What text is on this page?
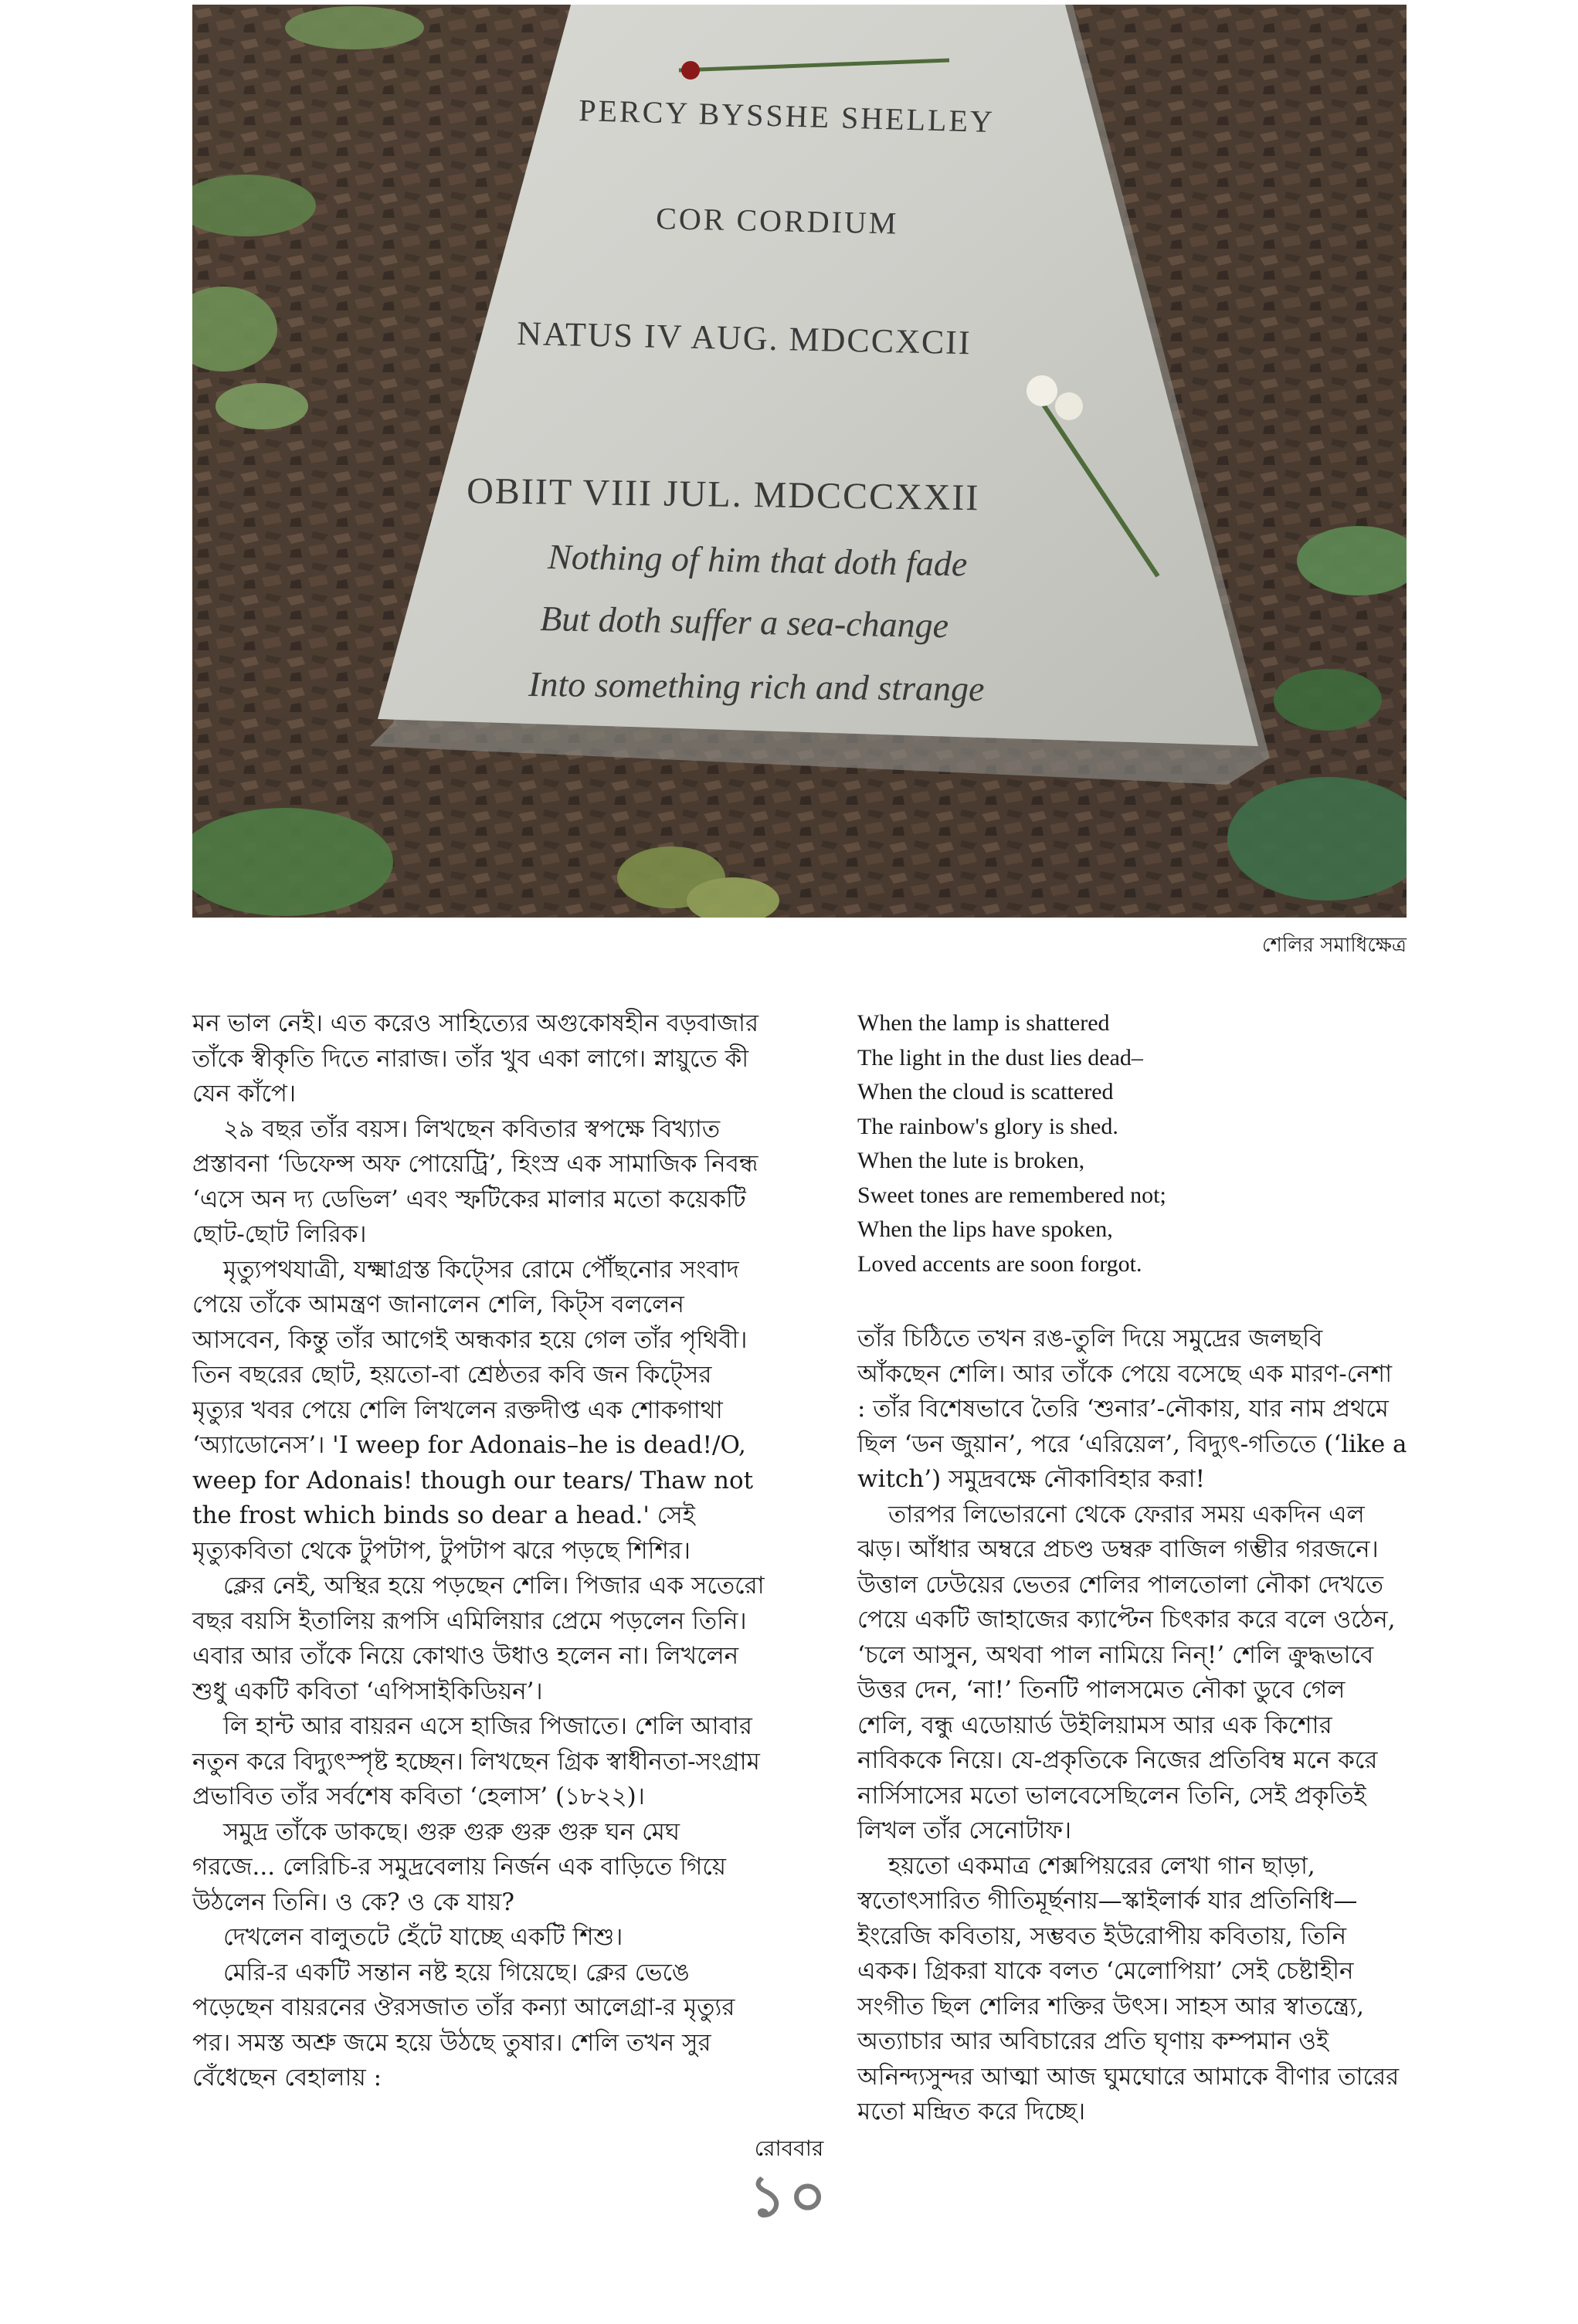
PERCY BYSSHE SHELLEY
COR CORDIUM
NATUS IV AUG. MDCCXCII
OBIIT VIII JUL. MDCCCXXII
Nothing of him that doth fade
But doth suffer a sea-change
Into something rich and strange
শেলির সমাধিক্ষেত্র

মন ভাল নেই। এত করেও সাহিত্যের অগুকোষহীন বড়বাজার তাঁকে স্বীকৃতি দিতে নারাজ। তাঁর খুব একা লাগে। স্নায়ুতে কী যেন কাঁপে।

২৯ বছর তাঁর বয়স। লিখছেন কবিতার স্বপক্ষে বিখ্যাত প্রস্তাবনা ‘ডিফেন্স অফ পোয়েট্রি’, হিংস্র এক সামাজিক নিবন্ধ ‘এসে অন দ্য ডেভিল’ এবং স্ফটিকের মালার মতো কয়েকটি ছোট-ছোট লিরিক।

মৃত্যুপথযাত্রী, যক্ষ্মাগ্রস্ত কিট্সের রোমে পৌঁছনোর সংবাদ পেয়ে তাঁকে আমন্ত্রণ জানালেন শেলি, কিট্স বললেন আসবেন, কিন্তু তাঁর আগেই অন্ধকার হয়ে গেল তাঁর পৃথিবী। তিন বছরের ছোট, হয়তো-বা শ্রেষ্ঠতর কবি জন কিট্সের মৃত্যুর খবর পেয়ে শেলি লিখলেন রক্তদীপ্ত এক শোকগাথা ‘অ্যাডোনেস’। 'I weep for Adonais–he is dead!/O, weep for Adonais! though our tears/ Thaw not the frost which binds so dear a head.' সেই মৃত্যুকবিতা থেকে টুপটাপ, টুপটাপ ঝরে পড়ছে শিশির।

ক্লের নেই, অস্থির হয়ে পড়ছেন শেলি। পিজার এক সতেরো বছর বয়সি ইতালিয় রূপসি এমিলিয়ার প্রেমে পড়লেন তিনি। এবার আর তাঁকে নিয়ে কোথাও উধাও হলেন না। লিখলেন শুধু একটি কবিতা ‘এপিসাইকিডিয়ন’।

লি হান্ট আর বায়রন এসে হাজির পিজাতে। শেলি আবার নতুন করে বিদ্যুৎস্পৃষ্ট হচ্ছেন। লিখছেন গ্রিক স্বাধীনতা-সংগ্রাম প্রভাবিত তাঁর সর্বশেষ কবিতা ‘হেলাস’ (১৮২২)।

সমুদ্র তাঁকে ডাকছে। গুরু গুরু গুরু গুরু ঘন মেঘ গরজে... লেরিচি-র সমুদ্রবেলায় নির্জন এক বাড়িতে গিয়ে উঠলেন তিনি। ও কে? ও কে যায়?

দেখলেন বালুতটে হেঁটে যাচ্ছে একটি শিশু।

মেরি-র একটি সন্তান নষ্ট হয়ে গিয়েছে। ক্লের ভেঙে পড়েছেন বায়রনের ঔরসজাত তাঁর কন্যা আলেগ্রা-র মৃত্যুর পর। সমস্ত অশ্রু জমে হয়ে উঠছে তুষার। শেলি তখন সুর বেঁধেছেন বেহালায় :

When the lamp is shattered
The light in the dust lies dead–
When the cloud is scattered
The rainbow's glory is shed.
When the lute is broken,
Sweet tones are remembered not;
When the lips have spoken,
Loved accents are soon forgot.

তাঁর চিঠিতে তখন রঙ-তুলি দিয়ে সমুদ্রের জলছবি আঁকছেন শেলি। আর তাঁকে পেয়ে বসেছে এক মারণ-নেশা : তাঁর বিশেষভাবে তৈরি ‘শুনার’-নৌকায়, যার নাম প্রথমে ছিল ‘ডন জুয়ান’, পরে ‘এরিয়েল’, বিদ্যুৎ-গতিতে (‘like a witch’) সমুদ্রবক্ষে নৌকাবিহার করা!

তারপর লিভোরনো থেকে ফেরার সময় একদিন এল ঝড়। আঁধার অম্বরে প্রচণ্ড ডম্বরু বাজিল গম্ভীর গরজনে। উত্তাল ঢেউয়ের ভেতর শেলির পালতোলা নৌকা দেখতে পেয়ে একটি জাহাজের ক্যাপ্টেন চিৎকার করে বলে ওঠেন, ‘চলে আসুন, অথবা পাল নামিয়ে নিন্!’ শেলি ক্রুদ্ধভাবে উত্তর দেন, ‘না!’ তিনটি পালসমেত নৌকা ডুবে গেল শেলি, বন্ধু এডোয়ার্ড উইলিয়ামস আর এক কিশোর নাবিককে নিয়ে। যে-প্রকৃতিকে নিজের প্রতিবিম্ব মনে করে নার্সিসাসের মতো ভালবেসেছিলেন তিনি, সেই প্রকৃতিই লিখল তাঁর সেনোটাফ।

হয়তো একমাত্র শেক্সপিয়রের লেখা গান ছাড়া, স্বতোৎসারিত গীতিমূর্ছনায়—স্কাইলার্ক যার প্রতিনিধি—ইংরেজি কবিতায়, সম্ভবত ইউরোপীয় কবিতায়, তিনি একক। গ্রিকরা যাকে বলত ‘মেলোপিয়া’ সেই চেষ্টাহীন সংগীত ছিল শেলির শক্তির উৎস। সাহস আর স্বাতন্ত্র্যে, অত্যাচার আর অবিচারের প্রতি ঘৃণায় কম্পমান ওই অনিন্দ্যসুন্দর আত্মা আজ ঘুমঘোরে আমাকে বীণার তারের মতো মন্দ্রিত করে দিচ্ছে।

রোববার
১০
